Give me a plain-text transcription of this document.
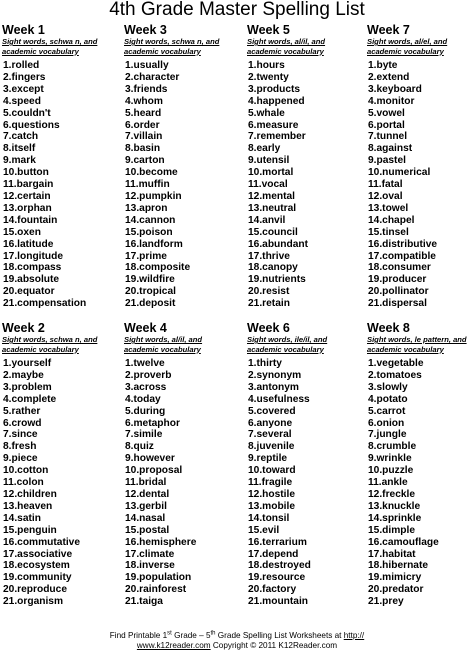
4th Grade Master Spelling List
Week 1
Sight words, schwa n, and
academic vocabulary
1.rolled
2.fingers
3.except
4.speed
5.couldn't
6.questions
7.catch
8.itself
9.mark
10.button
11.bargain
12.certain
13.orphan
14.fountain
15.oxen
16.latitude
17.longitude
18.compass
19.absolute
20.equator
21.compensation
Week 3
Sight words, schwa n, and
academic vocabulary
1.usually
2.character
3.friends
4.whom
5.heard
6.order
7.villain
8.basin
9.carton
10.become
11.muffin
12.pumpkin
13.apron
14.cannon
15.poison
16.landform
17.prime
18.composite
19.wildfire
20.tropical
21.deposit
Week 5
Sight words, al/il, and
academic vocabulary
1.hours
2.twenty
3.products
4.happened
5.whale
6.measure
7.remember
8.early
9.utensil
10.mortal
11.vocal
12.mental
13.neutral
14.anvil
15.council
16.abundant
17.thrive
18.canopy
19.nutrients
20.resist
21.retain
Week 7
Sight words, al/el, and
academic vocabulary
1.byte
2.extend
3.keyboard
4.monitor
5.vowel
6.portal
7.tunnel
8.against
9.pastel
10.numerical
11.fatal
12.oval
13.towel
14.chapel
15.tinsel
16.distributive
17.compatible
18.consumer
19.producer
20.pollinator
21.dispersal
Week 2
Sight words, schwa n, and
academic vocabulary
1.yourself
2.maybe
3.problem
4.complete
5.rather
6.crowd
7.since
8.fresh
9.piece
10.cotton
11.colon
12.children
13.heaven
14.satin
15.penguin
16.commutative
17.associative
18.ecosystem
19.community
20.reproduce
21.organism
Week 4
Sight words, al/il, and
academic vocabulary
1.twelve
2.proverb
3.across
4.today
5.during
6.metaphor
7.simile
8.quiz
9.however
10.proposal
11.bridal
12.dental
13.gerbil
14.nasal
15.postal
16.hemisphere
17.climate
18.inverse
19.population
20.rainforest
21.taiga
Week 6
Sight words, ile/il, and
academic vocabulary
1.thirty
2.synonym
3.antonym
4.usefulness
5.covered
6.anyone
7.several
8.juvenile
9.reptile
10.toward
11.fragile
12.hostile
13.mobile
14.tonsil
15.evil
16.terrarium
17.depend
18.destroyed
19.resource
20.factory
21.mountain
Week 8
Sight words, le pattern, and
academic vocabulary
1.vegetable
2.tomatoes
3.slowly
4.potato
5.carrot
6.onion
7.jungle
8.crumble
9.wrinkle
10.puzzle
11.ankle
12.freckle
13.knuckle
14.sprinkle
15.dimple
16.camouflage
17.habitat
18.hibernate
19.mimicry
20.predator
21.prey
Find Printable 1st Grade – 5th Grade Spelling List Worksheets at http://
www.k12reader.com Copyright © 2011 K12Reader.com
